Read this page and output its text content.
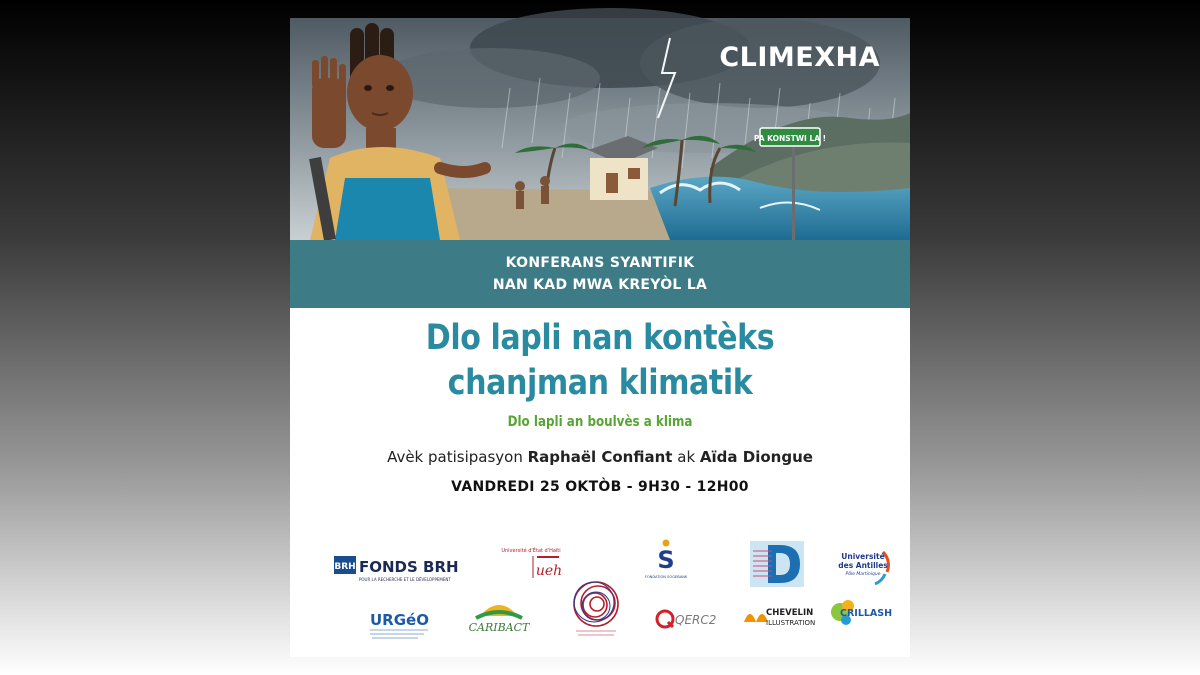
PA KONSTWI LA !
CLIMEXHA
KONFERANS SYANTIFIK
NAN KAD MWA KREYÒL LA
Dlo lapli nan kontèks
chanjman klimatik
Dlo lapli an boulvès a klima
Avèk patisipasyon Raphaël Confiant ak Aïda Diongue
VANDREDI 25 OKTÒB - 9H30 - 12H00
BRH FONDS BRH
POUR LA RECHERCHE ET LE DÉVELOPPEMENT
Université d'État d'Haïti
ueh	S
FONDATION SOGEBANK
Université
des Antilles
Pôle Martinique
URGéO	CARIBACT
QERC2	CHEVELIN
ILLUSTRATION
CRILLASH
